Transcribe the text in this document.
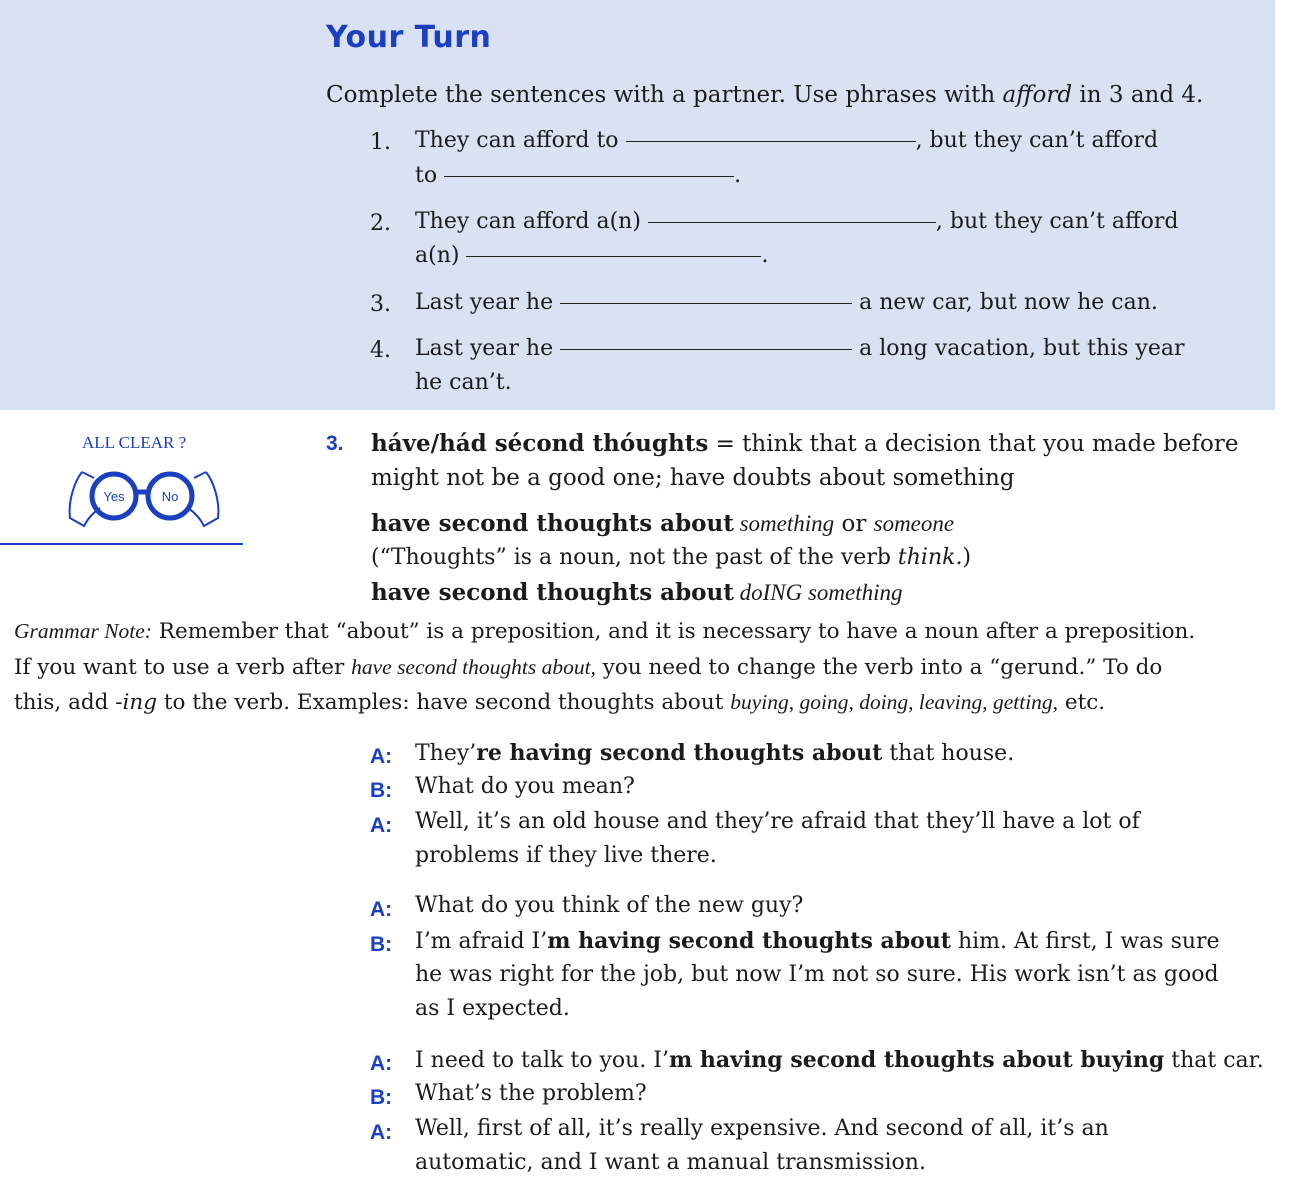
Your Turn
Complete the sentences with a partner. Use phrases with afford in 3 and 4.
1. They can afford to	, but they can’t afford
to	.
2. They can afford a(n)	, but they can’t afford
a(n)	.
3. Last year he	a new car, but now he can.
4. Last year he	a long vacation, but this year
he can’t.
ALL CLEAR ?
Yes	No
3. háve/hád sécond thóughts = think that a decision that you made before
might not be a good one; have doubts about something
have second thoughts about something or someone
(“Thoughts” is a noun, not the past of the verb think.)
have second thoughts about doING something
Grammar Note: Remember that “about” is a preposition, and it is necessary to have a noun after a preposition.
If you want to use a verb after have second thoughts about, you need to change the verb into a “gerund.” To do
this, add -ing to the verb. Examples: have second thoughts about buying, going, doing, leaving, getting, etc.
A: They’re having second thoughts about that house.
B: What do you mean?
A: Well, it’s an old house and they’re afraid that they’ll have a lot of
problems if they live there.
A: What do you think of the new guy?
B: I’m afraid I’m having second thoughts about him. At first, I was sure
he was right for the job, but now I’m not so sure. His work isn’t as good
as I expected.
A: I need to talk to you. I’m having second thoughts about buying that car.
B: What’s the problem?
A: Well, first of all, it’s really expensive. And second of all, it’s an
automatic, and I want a manual transmission.
